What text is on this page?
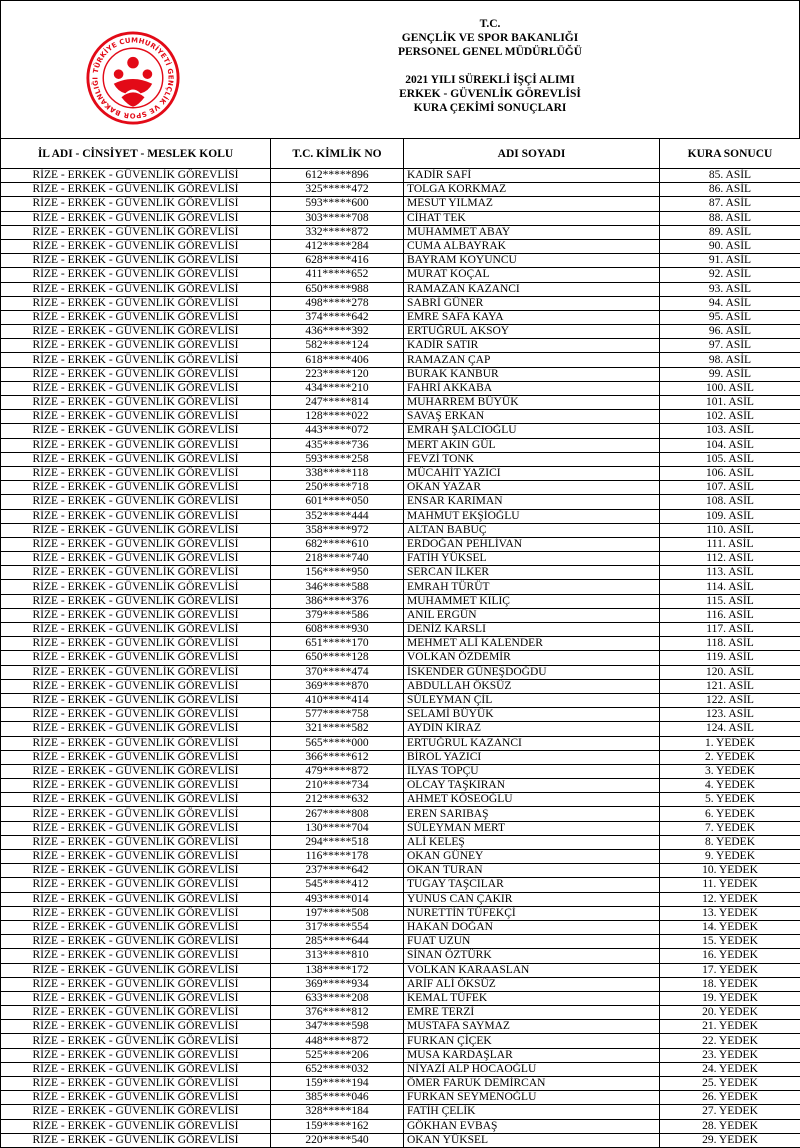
TÜRKİYE CUMHURİYETİ GENÇLİK VE SPOR BAKANLIĞI
T.C.
GENÇLİK VE SPOR BAKANLIĞI
PERSONEL GENEL MÜDÜRLÜĞÜ
2021 YILI SÜREKLİ İŞÇİ ALIMI
ERKEK - GÜVENLİK GÖREVLİSİ
KURA ÇEKİMİ SONUÇLARI
İL ADI - CİNSİYET - MESLEK KOLU	T.C. KİMLİK NO	ADI SOYADI	KURA SONUCU
RİZE - ERKEK - GÜVENLİK GÖREVLİSİ	612*****896	KADİR SAFİ	85. ASİL
RİZE - ERKEK - GÜVENLİK GÖREVLİSİ	325*****472	TOLGA KORKMAZ	86. ASİL
RİZE - ERKEK - GÜVENLİK GÖREVLİSİ	593*****600	MESUT YILMAZ	87. ASİL
RİZE - ERKEK - GÜVENLİK GÖREVLİSİ	303*****708	CİHAT TEK	88. ASİL
RİZE - ERKEK - GÜVENLİK GÖREVLİSİ	332*****872	MUHAMMET ABAY	89. ASİL
RİZE - ERKEK - GÜVENLİK GÖREVLİSİ	412*****284	CUMA ALBAYRAK	90. ASİL
RİZE - ERKEK - GÜVENLİK GÖREVLİSİ	628*****416	BAYRAM KOYUNCU	91. ASİL
RİZE - ERKEK - GÜVENLİK GÖREVLİSİ	411*****652	MURAT KOÇAL	92. ASİL
RİZE - ERKEK - GÜVENLİK GÖREVLİSİ	650*****988	RAMAZAN KAZANCI	93. ASİL
RİZE - ERKEK - GÜVENLİK GÖREVLİSİ	498*****278	SABRİ GÜNER	94. ASİL
RİZE - ERKEK - GÜVENLİK GÖREVLİSİ	374*****642	EMRE SAFA KAYA	95. ASİL
RİZE - ERKEK - GÜVENLİK GÖREVLİSİ	436*****392	ERTUĞRUL AKSOY	96. ASİL
RİZE - ERKEK - GÜVENLİK GÖREVLİSİ	582*****124	KADİR SATIR	97. ASİL
RİZE - ERKEK - GÜVENLİK GÖREVLİSİ	618*****406	RAMAZAN ÇAP	98. ASİL
RİZE - ERKEK - GÜVENLİK GÖREVLİSİ	223*****120	BURAK KANBUR	99. ASİL
RİZE - ERKEK - GÜVENLİK GÖREVLİSİ	434*****210	FAHRİ AKKABA	100. ASİL
RİZE - ERKEK - GÜVENLİK GÖREVLİSİ	247*****814	MUHARREM BÜYÜK	101. ASİL
RİZE - ERKEK - GÜVENLİK GÖREVLİSİ	128*****022	SAVAŞ ERKAN	102. ASİL
RİZE - ERKEK - GÜVENLİK GÖREVLİSİ	443*****072	EMRAH ŞALCIOĞLU	103. ASİL
RİZE - ERKEK - GÜVENLİK GÖREVLİSİ	435*****736	MERT AKIN GÜL	104. ASİL
RİZE - ERKEK - GÜVENLİK GÖREVLİSİ	593*****258	FEVZİ TONK	105. ASİL
RİZE - ERKEK - GÜVENLİK GÖREVLİSİ	338*****118	MÜCAHİT YAZICI	106. ASİL
RİZE - ERKEK - GÜVENLİK GÖREVLİSİ	250*****718	OKAN YAZAR	107. ASİL
RİZE - ERKEK - GÜVENLİK GÖREVLİSİ	601*****050	ENSAR KARIMAN	108. ASİL
RİZE - ERKEK - GÜVENLİK GÖREVLİSİ	352*****444	MAHMUT EKŞİOĞLU	109. ASİL
RİZE - ERKEK - GÜVENLİK GÖREVLİSİ	358*****972	ALTAN BABUÇ	110. ASİL
RİZE - ERKEK - GÜVENLİK GÖREVLİSİ	682*****610	ERDOĞAN PEHLİVAN	111. ASİL
RİZE - ERKEK - GÜVENLİK GÖREVLİSİ	218*****740	FATİH YÜKSEL	112. ASİL
RİZE - ERKEK - GÜVENLİK GÖREVLİSİ	156*****950	SERCAN İLKER	113. ASİL
RİZE - ERKEK - GÜVENLİK GÖREVLİSİ	346*****588	EMRAH TÜRÜT	114. ASİL
RİZE - ERKEK - GÜVENLİK GÖREVLİSİ	386*****376	MUHAMMET KILIÇ	115. ASİL
RİZE - ERKEK - GÜVENLİK GÖREVLİSİ	379*****586	ANIL ERGÜN	116. ASİL
RİZE - ERKEK - GÜVENLİK GÖREVLİSİ	608*****930	DENİZ KARSLI	117. ASİL
RİZE - ERKEK - GÜVENLİK GÖREVLİSİ	651*****170	MEHMET ALİ KALENDER	118. ASİL
RİZE - ERKEK - GÜVENLİK GÖREVLİSİ	650*****128	VOLKAN ÖZDEMİR	119. ASİL
RİZE - ERKEK - GÜVENLİK GÖREVLİSİ	370*****474	İSKENDER GÜNEŞDOĞDU	120. ASİL
RİZE - ERKEK - GÜVENLİK GÖREVLİSİ	369*****870	ABDULLAH ÖKSÜZ	121. ASİL
RİZE - ERKEK - GÜVENLİK GÖREVLİSİ	410*****414	SÜLEYMAN ÇİL	122. ASİL
RİZE - ERKEK - GÜVENLİK GÖREVLİSİ	577*****758	SELAMİ BÜYÜK	123. ASİL
RİZE - ERKEK - GÜVENLİK GÖREVLİSİ	321*****582	AYDIN KİRAZ	124. ASİL
RİZE - ERKEK - GÜVENLİK GÖREVLİSİ	565*****000	ERTUĞRUL KAZANCI	1. YEDEK
RİZE - ERKEK - GÜVENLİK GÖREVLİSİ	366*****612	BİROL YAZICI	2. YEDEK
RİZE - ERKEK - GÜVENLİK GÖREVLİSİ	479*****872	İLYAS TOPÇU	3. YEDEK
RİZE - ERKEK - GÜVENLİK GÖREVLİSİ	210*****734	OLCAY TAŞKIRAN	4. YEDEK
RİZE - ERKEK - GÜVENLİK GÖREVLİSİ	212*****632	AHMET KÖSEOĞLU	5. YEDEK
RİZE - ERKEK - GÜVENLİK GÖREVLİSİ	267*****808	EREN SARIBAŞ	6. YEDEK
RİZE - ERKEK - GÜVENLİK GÖREVLİSİ	130*****704	SÜLEYMAN MERT	7. YEDEK
RİZE - ERKEK - GÜVENLİK GÖREVLİSİ	294*****518	ALİ KELEŞ	8. YEDEK
RİZE - ERKEK - GÜVENLİK GÖREVLİSİ	116*****178	OKAN GÜNEY	9. YEDEK
RİZE - ERKEK - GÜVENLİK GÖREVLİSİ	237*****642	OKAN TURAN	10. YEDEK
RİZE - ERKEK - GÜVENLİK GÖREVLİSİ	545*****412	TUGAY TAŞCILAR	11. YEDEK
RİZE - ERKEK - GÜVENLİK GÖREVLİSİ	493*****014	YUNUS CAN ÇAKIR	12. YEDEK
RİZE - ERKEK - GÜVENLİK GÖREVLİSİ	197*****508	NURETTİN TÜFEKÇİ	13. YEDEK
RİZE - ERKEK - GÜVENLİK GÖREVLİSİ	317*****554	HAKAN DOĞAN	14. YEDEK
RİZE - ERKEK - GÜVENLİK GÖREVLİSİ	285*****644	FUAT UZUN	15. YEDEK
RİZE - ERKEK - GÜVENLİK GÖREVLİSİ	313*****810	SİNAN ÖZTÜRK	16. YEDEK
RİZE - ERKEK - GÜVENLİK GÖREVLİSİ	138*****172	VOLKAN KARAASLAN	17. YEDEK
RİZE - ERKEK - GÜVENLİK GÖREVLİSİ	369*****934	ARİF ALİ ÖKSÜZ	18. YEDEK
RİZE - ERKEK - GÜVENLİK GÖREVLİSİ	633*****208	KEMAL TÜFEK	19. YEDEK
RİZE - ERKEK - GÜVENLİK GÖREVLİSİ	376*****812	EMRE TERZİ	20. YEDEK
RİZE - ERKEK - GÜVENLİK GÖREVLİSİ	347*****598	MUSTAFA SAYMAZ	21. YEDEK
RİZE - ERKEK - GÜVENLİK GÖREVLİSİ	448*****872	FURKAN ÇİÇEK	22. YEDEK
RİZE - ERKEK - GÜVENLİK GÖREVLİSİ	525*****206	MUSA KARDAŞLAR	23. YEDEK
RİZE - ERKEK - GÜVENLİK GÖREVLİSİ	652*****032	NİYAZİ ALP HOCAOĞLU	24. YEDEK
RİZE - ERKEK - GÜVENLİK GÖREVLİSİ	159*****194	ÖMER FARUK DEMİRCAN	25. YEDEK
RİZE - ERKEK - GÜVENLİK GÖREVLİSİ	385*****046	FURKAN SEYMENOĞLU	26. YEDEK
RİZE - ERKEK - GÜVENLİK GÖREVLİSİ	328*****184	FATİH ÇELİK	27. YEDEK
RİZE - ERKEK - GÜVENLİK GÖREVLİSİ	159*****162	GÖKHAN EVBAŞ	28. YEDEK
RİZE - ERKEK - GÜVENLİK GÖREVLİSİ	220*****540	OKAN YÜKSEL	29. YEDEK
